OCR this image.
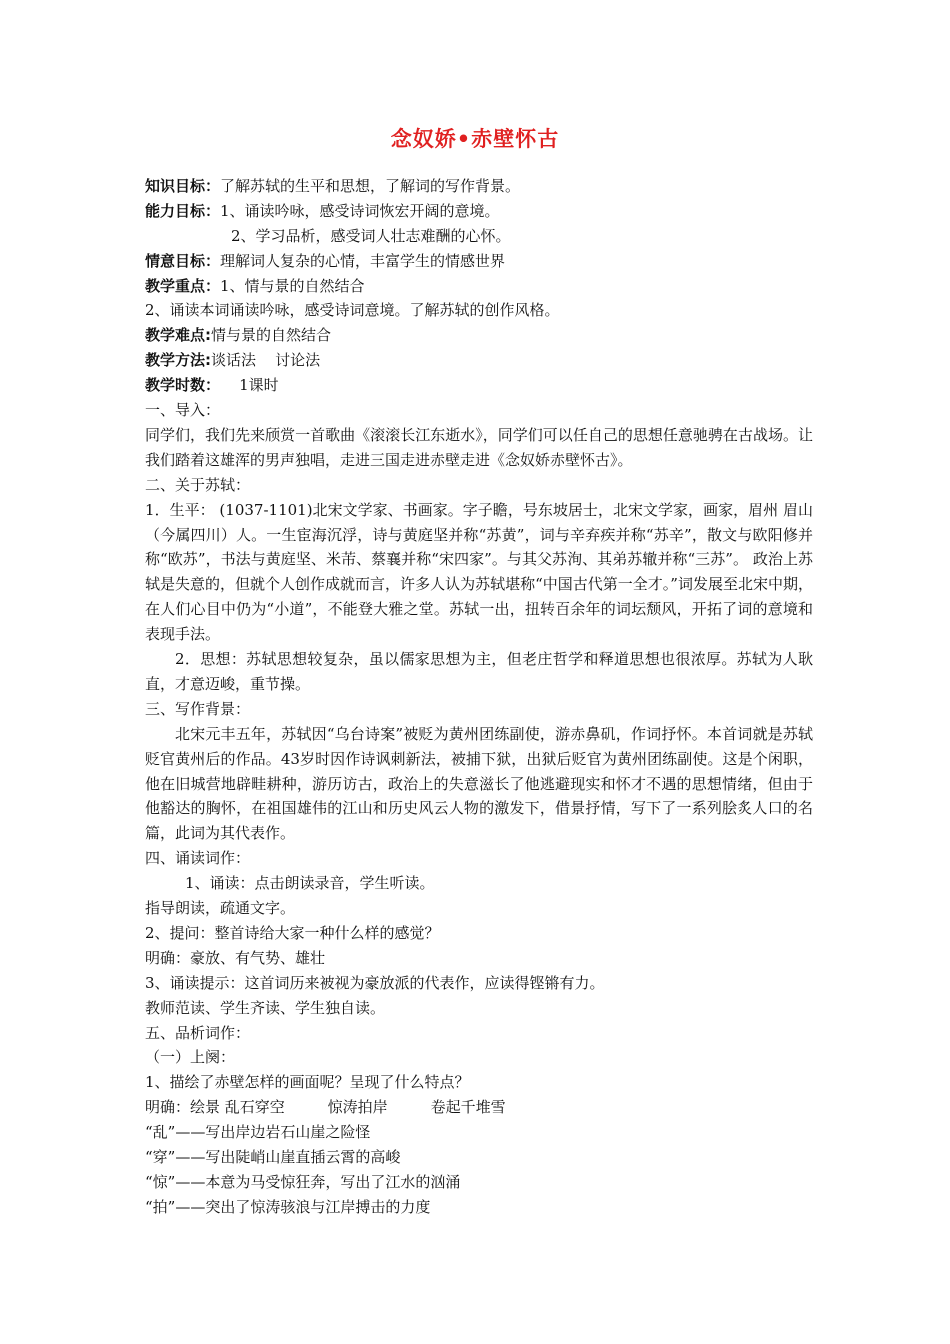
念奴娇•赤壁怀古
知识目标：了解苏轼的生平和思想，了解词的写作背景。
能力目标：1、诵读吟咏，感受诗词恢宏开阔的意境。
2、学习品析，感受词人壮志难酬的心怀。
情意目标：理解词人复杂的心情，丰富学生的情感世界
教学重点：1、情与景的自然结合
2、诵读本词诵读吟咏，感受诗词意境。了解苏轼的创作风格。
教学难点:情与景的自然结合
教学方法:谈话法    讨论法
教学时数：    1课时
一、导入：
同学们，我们先来颀赏一首歌曲《滚滚长江东逝水》，同学们可以任自己的思想任意驰骋在古战场。让我们踏着这雄浑的男声独唱，走进三国走进赤壁走进《念奴娇赤壁怀古》。
二、关于苏轼：
1．生平： (1037-1101)北宋文学家、书画家。字子瞻，号东坡居士，北宋文学家，画家，眉州 眉山（今属四川）人。一生宦海沉浮，诗与黄庭坚并称“苏黄”，词与辛弃疾并称“苏辛”，散文与欧阳修并称“欧苏”，书法与黄庭坚、米芾、蔡襄并称“宋四家”。与其父苏洵、其弟苏辙并称“三苏”。 政治上苏轼是失意的，但就个人创作成就而言，许多人认为苏轼堪称“中国古代第一全才。”词发展至北宋中期，在人们心目中仍为“小道”，不能登大雅之堂。苏轼一出，扭转百余年的词坛颓风，开拓了词的意境和表现手法。
2．思想：苏轼思想较复杂，虽以儒家思想为主，但老庄哲学和释道思想也很浓厚。苏轼为人耿直，才意迈峻，重节操。
三、写作背景：
北宋元丰五年，苏轼因“乌台诗案”被贬为黄州团练副使，游赤鼻矶，作词抒怀。本首词就是苏轼贬官黄州后的作品。43岁时因作诗讽刺新法，被捕下狱，出狱后贬官为黄州团练副使。这是个闲职，他在旧城营地辟畦耕种，游历访古，政治上的失意滋长了他逃避现实和怀才不遇的思想情绪，但由于他豁达的胸怀，在祖国雄伟的江山和历史风云人物的激发下，借景抒情，写下了一系列脍炙人口的名篇，此词为其代表作。
四、诵读词作：
1、诵读：点击朗读录音，学生听读。
指导朗读，疏通文字。
2、提问：整首诗给大家一种什么样的感觉？
明确：豪放、有气势、雄壮
3、诵读提示：这首词历来被视为豪放派的代表作，应读得铿锵有力。
教师范读、学生齐读、学生独自读。
五、品析词作：
（一）上阕：
1、描绘了赤壁怎样的画面呢？呈现了什么特点？
明确：绘景 乱石穿空         惊涛拍岸         卷起千堆雪
“乱”——写出岸边岩石山崖之险怪
“穿”——写出陡峭山崖直插云霄的高峻
“惊”——本意为马受惊狂奔，写出了江水的汹涌
“拍”——突出了惊涛骇浪与江岸搏击的力度
